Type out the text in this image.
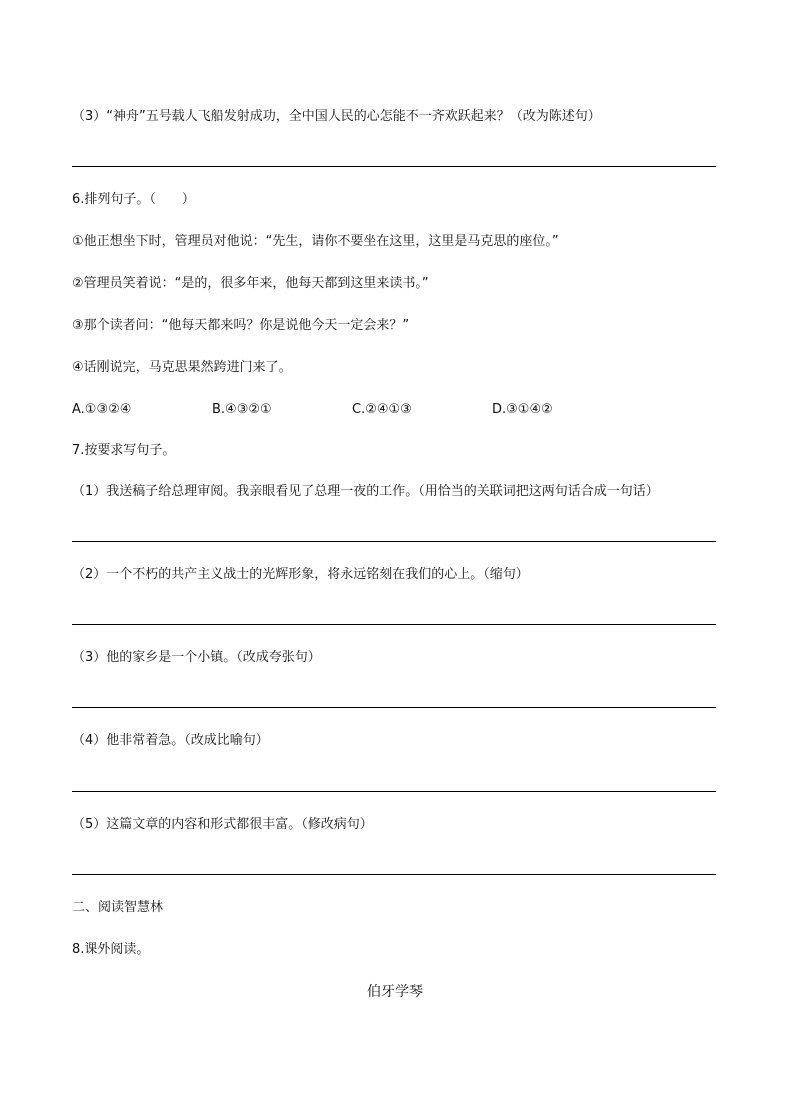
（3）“神舟”五号载人飞船发射成功，全中国人民的心怎能不一齐欢跃起来？（改为陈述句）
6.排列句子。（　　）
①他正想坐下时，管理员对他说：“先生，请你不要坐在这里，这里是马克思的座位。”
②管理员笑着说：“是的，很多年来，他每天都到这里来读书。”
③那个读者问：“他每天都来吗？你是说他今天一定会来？”
④话刚说完，马克思果然跨进门来了。
A.①③②④	B.④③②①	C.②④①③	D.③①④②
7.按要求写句子。
（1）我送稿子给总理审阅。我亲眼看见了总理一夜的工作。（用恰当的关联词把这两句话合成一句话）
（2）一个不朽的共产主义战士的光辉形象，将永远铭刻在我们的心上。（缩句）
（3）他的家乡是一个小镇。（改成夸张句）
（4）他非常着急。（改成比喻句）
（5）这篇文章的内容和形式都很丰富。（修改病句）
二、阅读智慧林
8.课外阅读。
伯牙学琴
